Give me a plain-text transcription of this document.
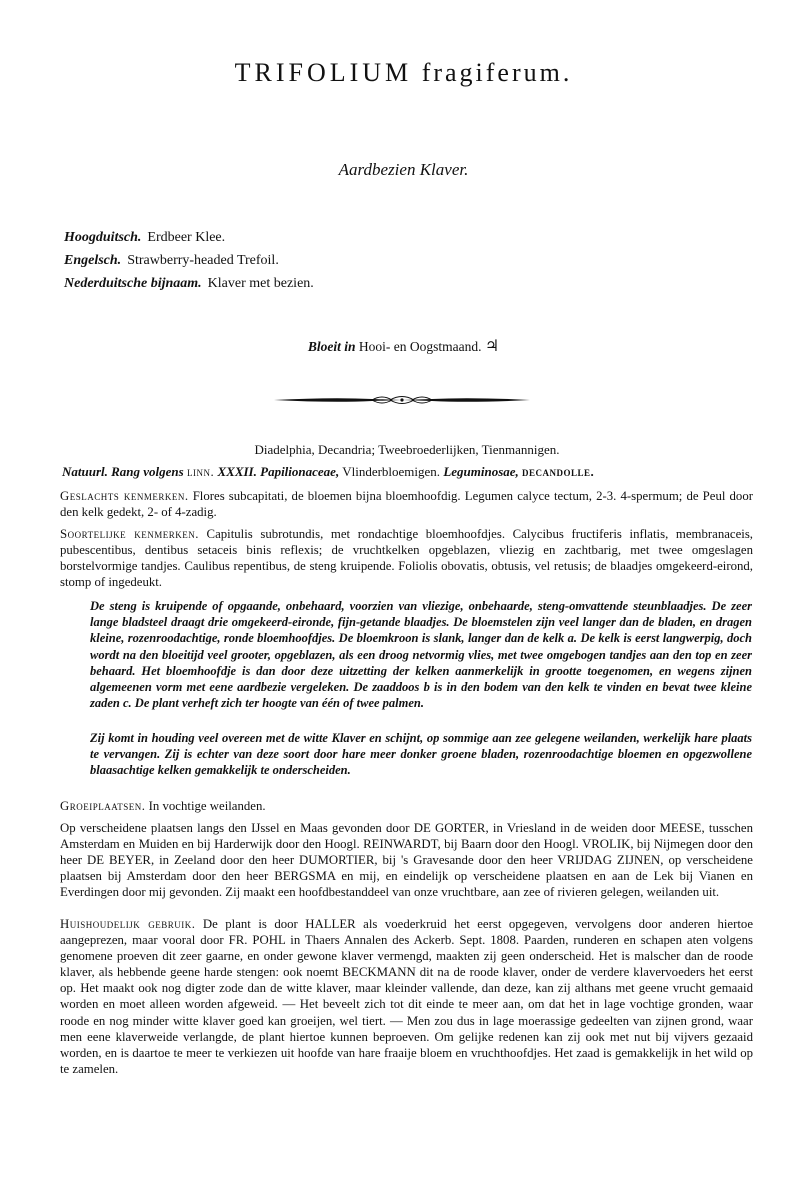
TRIFOLIUM fragiferum.
Aardbezien Klaver.
Hoogduitsch. Erdbeer Klee.
Engelsch. Strawberry-headed Trefoil.
Nederduitsche bijnaam. Klaver met bezien.
Bloeit in Hooi- en Oogstmaand. ♃
Diadelphia, Decandria; Tweebroederlijken, Tienmannigen.
Natuurl. Rang volgens linn. XXXII. Papilionaceae, Vlinderbloemigen. Leguminosae, decandolle.
Geslachts kenmerken. Flores subcapitati, de bloemen bijna bloemhoofdig. Legumen calyce tectum, 2-3. 4-spermum; de Peul door den kelk gedekt, 2- of 4-zadig.
Soortelijke kenmerken. Capitulis subrotundis, met rondachtige bloemhoofdjes. Calycibus fructiferis inflatis, membranaceis, pubescentibus, dentibus setaceis binis reflexis; de vruchtkelken opgeblazen, vliezig en zachtbarig, met twee omgeslagen borstelvormige tandjes. Caulibus repentibus, de steng kruipende. Foliolis obovatis, obtusis, vel retusis; de blaadjes omgekeerd-eirond, stomp of ingedeukt.
De steng is kruipende of opgaande, onbehaard, voorzien van vliezige, onbehaarde, steng-omvattende steunblaadjes. De zeer lange bladsteel draagt drie omgekeerd-eironde, fijn-getande blaadjes. De bloemstelen zijn veel langer dan de bladen, en dragen kleine, rozenroodachtige, ronde bloemhoofdjes. De bloemkroon is slank, langer dan de kelk a. De kelk is eerst langwerpig, doch wordt na den bloeitijd veel grooter, opgeblazen, als een droog netvormig vlies, met twee omgebogen tandjes aan den top en zeer behaard. Het bloemhoofdje is dan door deze uitzetting der kelken aanmerkelijk in grootte toegenomen, en wegens zijnen algemeenen vorm met eene aardbezie vergeleken. De zaaddoos b is in den bodem van den kelk te vinden en bevat twee kleine zaden c. De plant verheft zich ter hoogte van één of twee palmen.
Zij komt in houding veel overeen met de witte Klaver en schijnt, op sommige aan zee gelegene weilanden, werkelijk hare plaats te vervangen. Zij is echter van deze soort door hare meer donker groene bladen, rozenroodachtige bloemen en opgezwollene blaasachtige kelken gemakkelijk te onderscheiden.
Groeiplaatsen. In vochtige weilanden.
Op verscheidene plaatsen langs den IJssel en Maas gevonden door DE GORTER, in Vriesland in de weiden door MEESE, tusschen Amsterdam en Muiden en bij Harderwijk door den Hoogl. REINWARDT, bij Baarn door den Hoogl. VROLIK, bij Nijmegen door den heer DE BEYER, in Zeeland door den heer DUMORTIER, bij 's Gravesande door den heer VRIJDAG ZIJNEN, op verscheidene plaatsen bij Amsterdam door den heer BERGSMA en mij, en eindelijk op verscheidene plaatsen en aan de Lek bij Vianen en Everdingen door mij gevonden. Zij maakt een hoofdbestanddeel van onze vruchtbare, aan zee of rivieren gelegen, weilanden uit.
Huishoudelijk gebruik. De plant is door HALLER als voederkruid het eerst opgegeven, vervolgens door anderen hiertoe aangeprezen, maar vooral door FR. POHL in Thaers Annalen des Ackerb. Sept. 1808. Paarden, runderen en schapen aten volgens genomene proeven dit zeer gaarne, en onder gewone klaver vermengd, maakten zij geen onderscheid. Het is malscher dan de roode klaver, als hebbende geene harde stengen: ook noemt BECKMANN dit na de roode klaver, onder de verdere klavervoeders het eerst op. Het maakt ook nog digter zode dan de witte klaver, maar kleinder vallende, dan deze, kan zij althans met geene vrucht gemaaid worden en moet alleen worden afgeweid. — Het beveelt zich tot dit einde te meer aan, om dat het in lage vochtige gronden, waar roode en nog minder witte klaver goed kan groeijen, wel tiert. — Men zou dus in lage moerassige gedeelten van zijnen grond, waar men eene klaverweide verlangde, de plant hiertoe kunnen beproeven. Om gelijke redenen kan zij ook met nut bij vijvers gezaaid worden, en is daartoe te meer te verkiezen uit hoofde van hare fraaije bloem en vruchthoofdjes. Het zaad is gemakkelijk in het wild op te zamelen.
